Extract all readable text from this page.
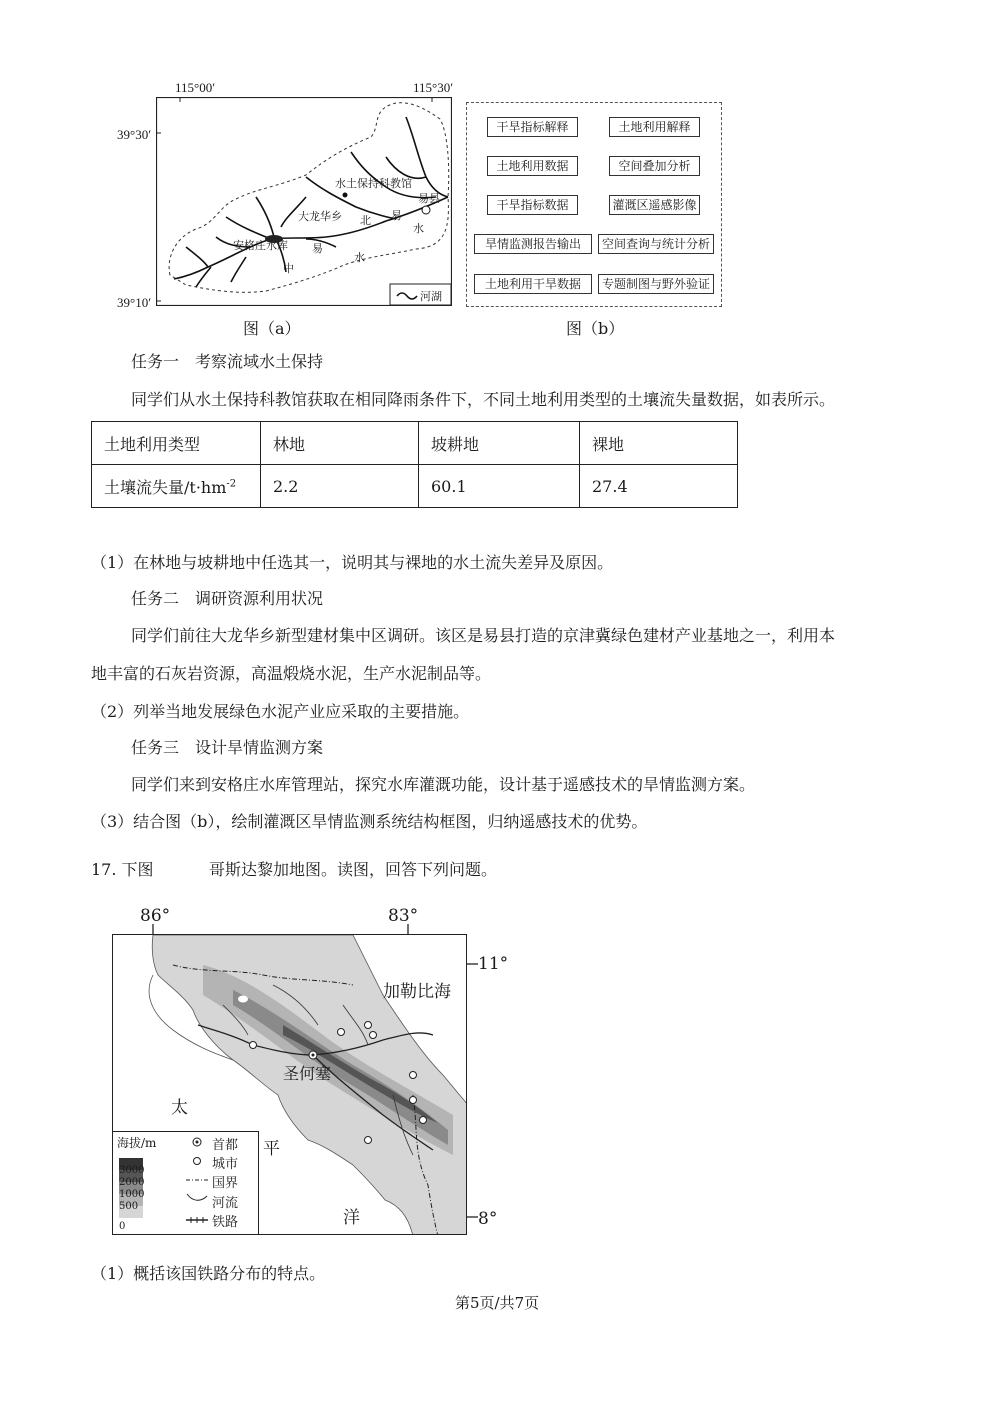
115°00′	115°30′
39°30′
39°10′
水土保持科教馆
易县
大龙华乡 北 易
水
安格庄水库 易
水
中
河湖
图（a）
干旱指标解释	土地利用解释
土地利用数据	空间叠加分析
干旱指标数据	灌溉区遥感影像
旱情监测报告输出	空间查询与统计分析
土地利用干旱数据	专题制图与野外验证
图（b）
任务一　考察流域水土保持
同学们从水土保持科教馆获取在相同降雨条件下，不同土地利用类型的土壤流失量数据，如表所示。
土地利用类型	林地	坡耕地	裸地
土壤流失量$/t\cdot hm^{-2}$	2.2	60.1	27.4
（1）在林地与坡耕地中任选其一，说明其与裸地的水土流失差异及原因。
任务二　调研资源利用状况
同学们前往大龙华乡新型建材集中区调研。该区是易县打造的京津冀绿色建材产业基地之一，利用本
地丰富的石灰岩资源，高温煅烧水泥，生产水泥制品等。
（2）列举当地发展绿色水泥产业应采取的主要措施。
任务三　设计旱情监测方案
同学们来到安格庄水库管理站，探究水库灌溉功能，设计基于遥感技术的旱情监测方案。
（3）结合图（b），绘制灌溉区旱情监测系统结构框图，归纳遥感技术的优势。
17. 下图	哥斯达黎加地图。读图，回答下列问题。
86°	83°
11°
8°
加勒比海
圣何塞
太
平
洋
海拔/m
3000
2000
1000
500
0
首都
城市
国界
河流
铁路
（1）概括该国铁路分布的特点。
第5页/共7页
